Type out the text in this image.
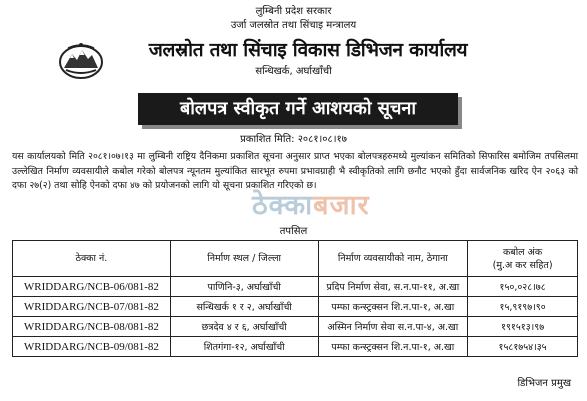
लुम्बिनी प्रदेश सरकार
उर्जा जलस्रोत तथा सिंचाइ मन्त्रालय
जलस्रोत तथा सिंचाइ विकास डिभिजन कार्यालय
सन्धिखर्क, अर्घाखाँची
बोलपत्र स्वीकृत गर्ने आशयको सूचना
प्रकाशित मिति: २०८१।०८।१७
यस कार्यालयको मिति २०८१।०७।१३ मा लुम्बिनी राष्ट्रिय दैनिकमा प्रकाशित सूचना अनुसार प्राप्त भएका बोलपत्रहरुमध्ये मुल्यांकन समितिको सिफारिस बमोजिम तपसिलमा उल्लेखित निर्माण व्यवसायीले कबोल गरेको बोलपत्र न्यूनतम मुल्यांकित सारभूत रुपमा प्रभावग्राही भै स्वीकृतिको लागि छनौट भएको हुँदा सार्वजनिक खरिद ऐन २०६३ को दफा २७(२) तथा सोहि ऐनको दफा ४७ को प्रयोजनको लागि यो सूचना प्रकाशित गरिएको छ।
ठेक्काबजार
तपसिल
ठेक्का नं.	निर्माण स्थल / जिल्ला	निर्माण व्यवसायीको नाम, ठेगाना	कबोल अंक
(मु.अ कर सहित)
WRIDDARG/NCB-06/081-82	पाणिनि-३, अर्घाखाँची	प्रदिप निर्माण सेवा, स.न.पा-११, अ.खा	१५०,०२८।७८
WRIDDARG/NCB-07/081-82	सन्धिखर्क १ र २, अर्घाखाँची	पम्फा कन्स्ट्रक्सन शि.न.पा-१, अ.खा	१५,९१९७।९०
WRIDDARG/NCB-08/081-82	छत्रदेव ४ र ६, अर्घाखाँची	अस्मिन निर्माण सेवा स.न.पा-४, अ.खा	१९१५१३।९७
WRIDDARG/NCB-09/081-82	शितगंगा-१२, अर्घाखाँची	पम्फा कन्स्ट्रक्सन शि.न.पा-१, अ.खा	१५८१७५४।३५
डिभिजन प्रमुख
